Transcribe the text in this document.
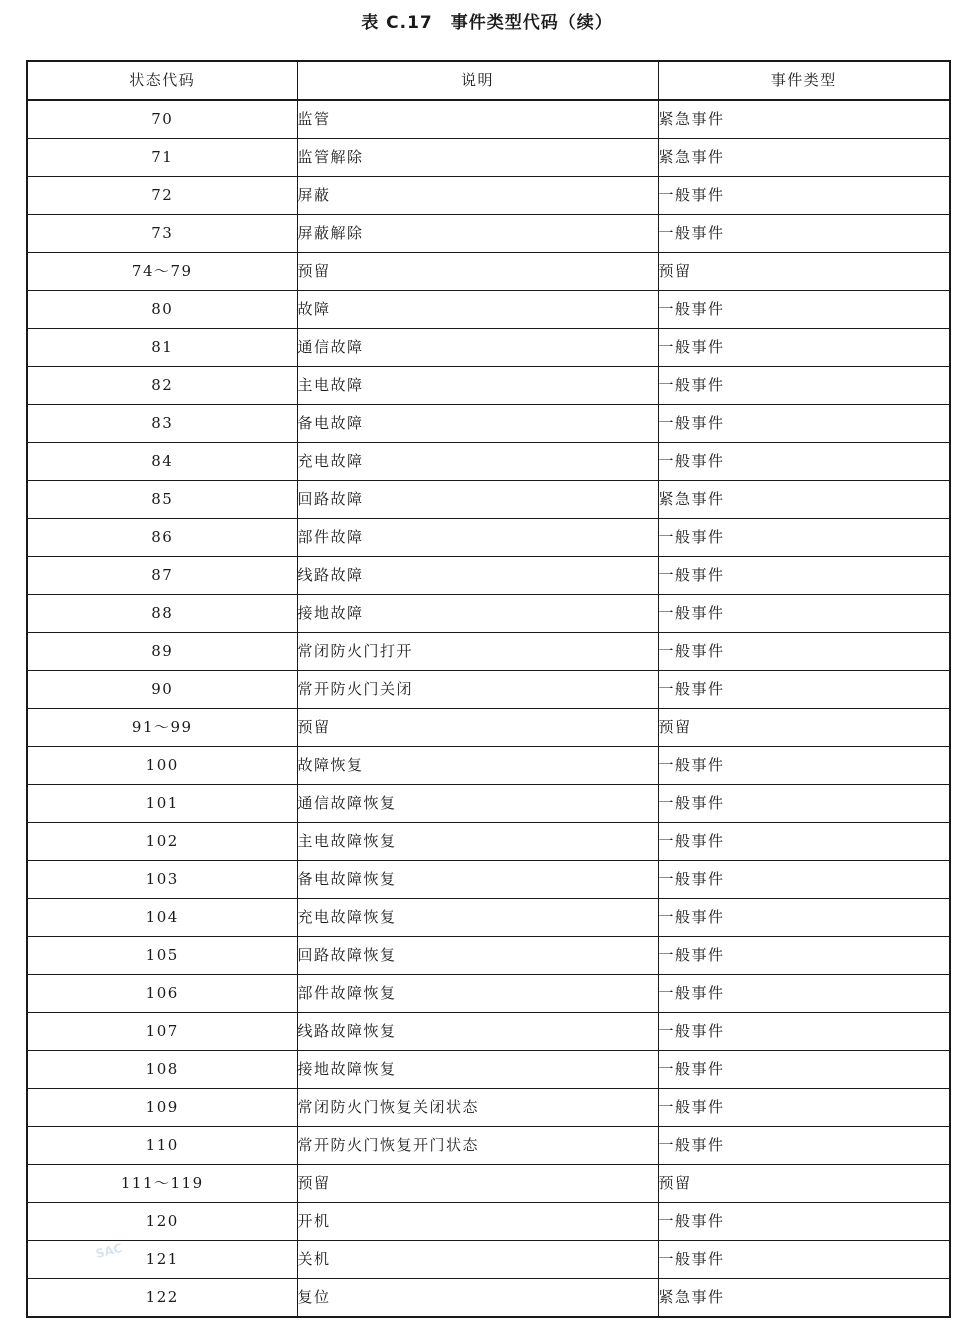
表 C.17　事件类型代码（续）
状态代码	说明	事件类型
70	监管	紧急事件
71	监管解除	紧急事件
72	屏蔽	一般事件
73	屏蔽解除	一般事件
74～79	预留	预留
80	故障	一般事件
81	通信故障	一般事件
82	主电故障	一般事件
83	备电故障	一般事件
84	充电故障	一般事件
85	回路故障	紧急事件
86	部件故障	一般事件
87	线路故障	一般事件
88	接地故障	一般事件
89	常闭防火门打开	一般事件
90	常开防火门关闭	一般事件
91～99	预留	预留
100	故障恢复	一般事件
101	通信故障恢复	一般事件
102	主电故障恢复	一般事件
103	备电故障恢复	一般事件
104	充电故障恢复	一般事件
105	回路故障恢复	一般事件
106	部件故障恢复	一般事件
107	线路故障恢复	一般事件
108	接地故障恢复	一般事件
109	常闭防火门恢复关闭状态	一般事件
110	常开防火门恢复开门状态	一般事件
111～119	预留	预留
120	开机	一般事件
121	关机	一般事件
122	复位	紧急事件
SAC
